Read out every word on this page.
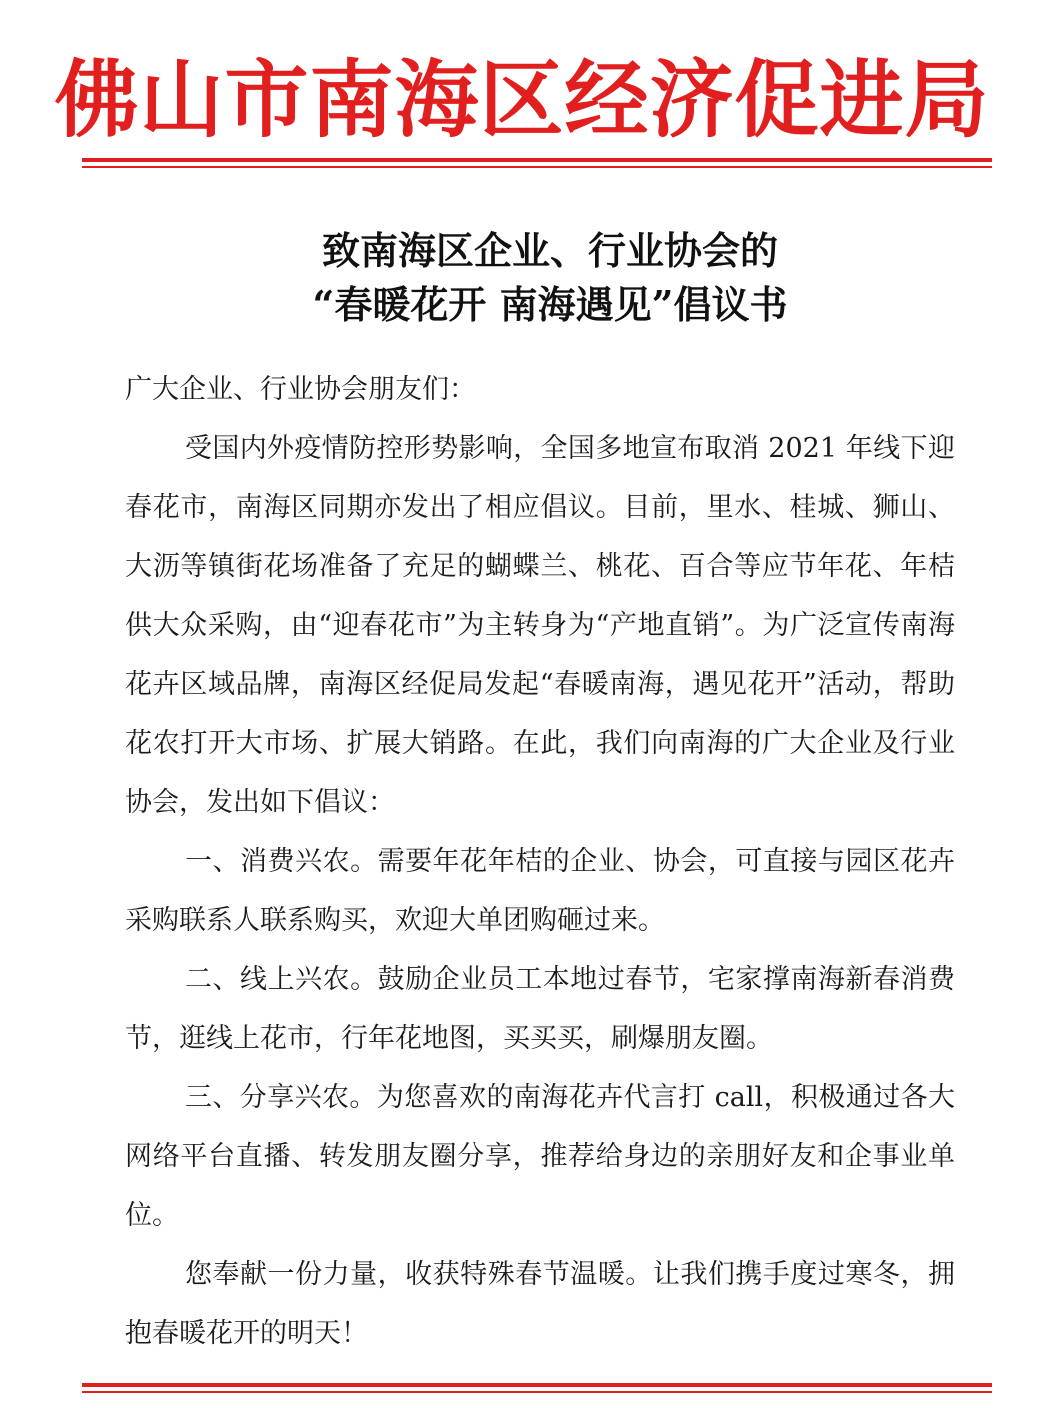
佛山市南海区经济促进局
致南海区企业、行业协会的
“春暖花开 南海遇见”倡议书

广大企业、行业协会朋友们：

受国内外疫情防控形势影响，全国多地宣布取消 2021 年线下迎春花市，南海区同期亦发出了相应倡议。目前，里水、桂城、狮山、大沥等镇街花场准备了充足的蝴蝶兰、桃花、百合等应节年花、年桔供大众采购，由“迎春花市”为主转身为“产地直销”。为广泛宣传南海花卉区域品牌，南海区经促局发起“春暖南海，遇见花开”活动，帮助花农打开大市场、扩展大销路。在此，我们向南海的广大企业及行业协会，发出如下倡议：

一、消费兴农。需要年花年桔的企业、协会，可直接与园区花卉采购联系人联系购买，欢迎大单团购砸过来。

二、线上兴农。鼓励企业员工本地过春节，宅家撑南海新春消费节，逛线上花市，行年花地图，买买买，刷爆朋友圈。

三、分享兴农。为您喜欢的南海花卉代言打 call，积极通过各大网络平台直播、转发朋友圈分享，推荐给身边的亲朋好友和企事业单位。

您奉献一份力量，收获特殊春节温暖。让我们携手度过寒冬，拥抱春暖花开的明天！
